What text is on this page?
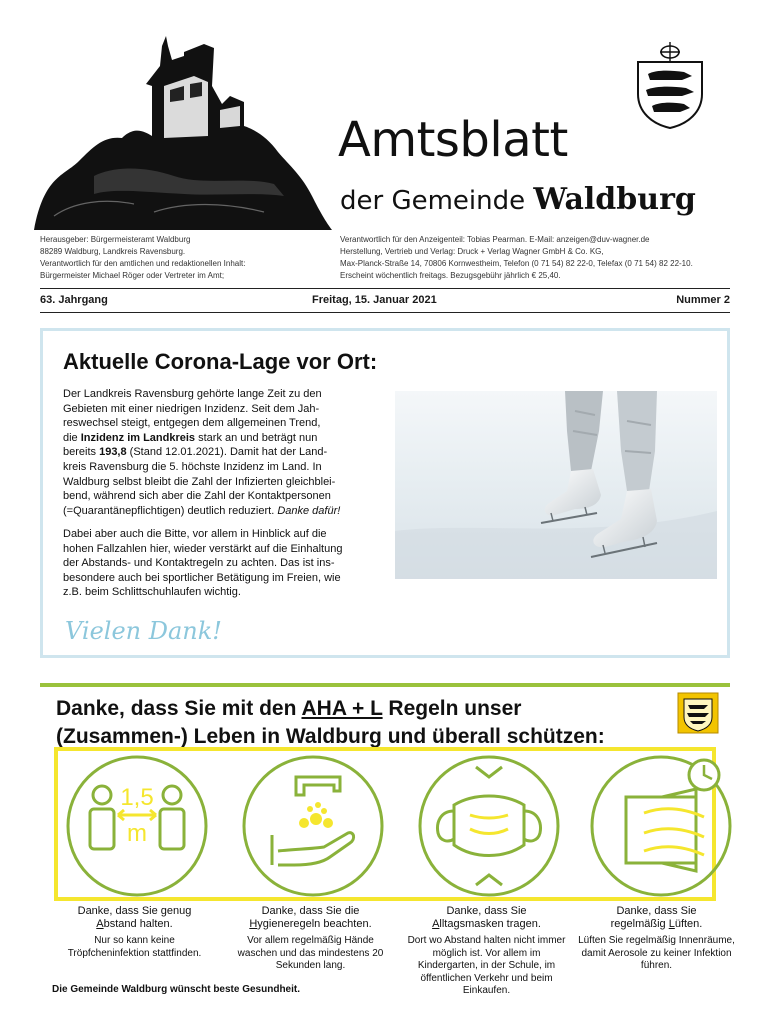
Amtsblatt
der Gemeinde Waldburg
Herausgeber: Bürgermeisteramt Waldburg
88289 Waldburg, Landkreis Ravensburg.
Verantwortlich für den amtlichen und redaktionellen Inhalt:
Bürgermeister Michael Röger oder Vertreter im Amt;
Verantwortlich für den Anzeigenteil: Tobias Pearman. E-Mail: anzeigen@duv-wagner.de
Herstellung, Vertrieb und Verlag: Druck + Verlag Wagner GmbH & Co. KG,
Max-Planck-Straße 14, 70806 Kornwestheim, Telefon (0 71 54) 82 22-0, Telefax (0 71 54) 82 22-10.
Erscheint wöchentlich freitags. Bezugsgebühr jährlich € 25,40.
63. Jahrgang	Freitag, 15. Januar 2021	Nummer 2
Aktuelle Corona-Lage vor Ort:
Der Landkreis Ravensburg gehörte lange Zeit zu den
Gebieten mit einer niedrigen Inzidenz. Seit dem Jah-
reswechsel steigt, entgegen dem allgemeinen Trend,
die Inzidenz im Landkreis stark an und beträgt nun
bereits 193,8 (Stand 12.01.2021). Damit hat der Land-
kreis Ravensburg die 5. höchste Inzidenz im Land. In
Waldburg selbst bleibt die Zahl der Infizierten gleichblei-
bend, während sich aber die Zahl der Kontaktpersonen
(=Quarantänepflichtigen) deutlich reduziert. Danke dafür!
Dabei aber auch die Bitte, vor allem in Hinblick auf die
hohen Fallzahlen hier, wieder verstärkt auf die Einhaltung
der Abstands- und Kontaktregeln zu achten. Das ist ins-
besondere auch bei sportlicher Betätigung im Freien, wie
z.B. beim Schlittschuhlaufen wichtig.
Vielen Dank!
Danke, dass Sie mit den AHA + L Regeln unser
(Zusammen-) Leben in Waldburg und überall schützen:
1,5
m
Danke, dass Sie genug
Abstand halten.
Nur so kann keine Tröpfcheninfektion stattfinden.
Danke, dass Sie die
Hygieneregeln beachten.
Vor allem regelmäßig Hände waschen und das mindestens 20 Sekunden lang.
Danke, dass Sie
Alltagsmasken tragen.
Dort wo Abstand halten nicht immer möglich ist. Vor allem im Kindergarten, in der Schule, im öffentlichen Verkehr und beim Einkaufen.
Danke, dass Sie
regelmäßig Lüften.
Lüften Sie regelmäßig Innenräume, damit Aerosole zu keiner Infektion führen.
Die Gemeinde Waldburg wünscht beste Gesundheit.
